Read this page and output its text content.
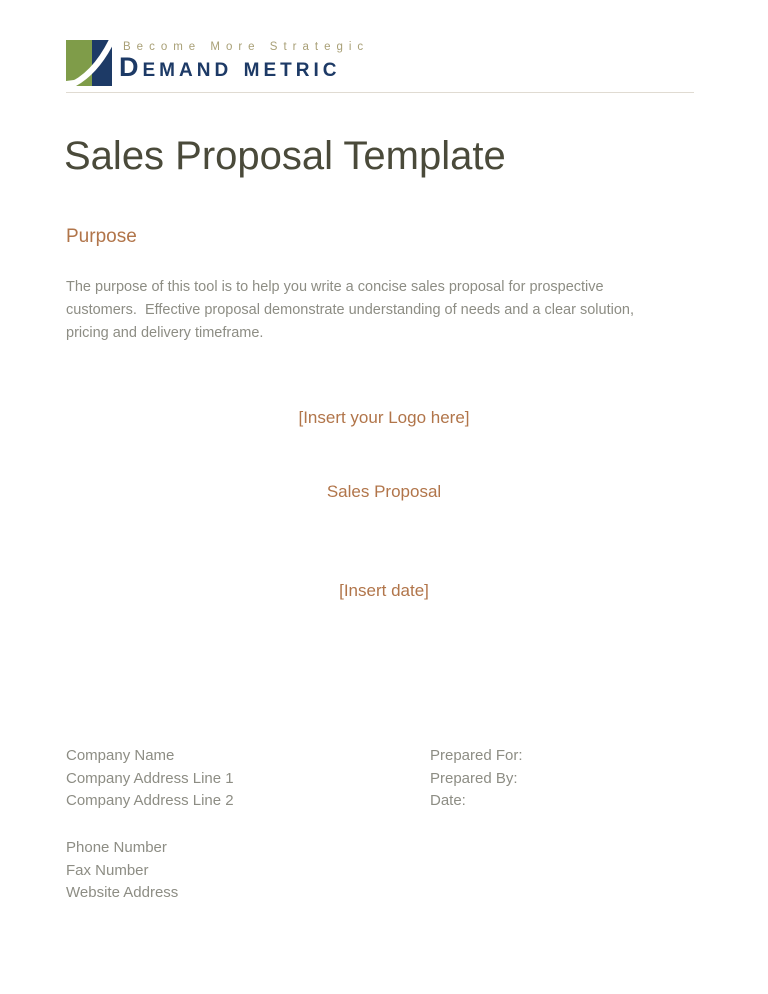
Become More Strategic
Demand metric
Sales Proposal Template
Purpose
The purpose of this tool is to help you write a concise sales proposal for prospective
customers.  Effective proposal demonstrate understanding of needs and a clear solution,
pricing and delivery timeframe.
[Insert your Logo here]
Sales Proposal
[Insert date]
Company Name
Company Address Line 1
Company Address Line 2
Phone Number
Fax Number
Website Address
Prepared For:
Prepared By:
Date:
